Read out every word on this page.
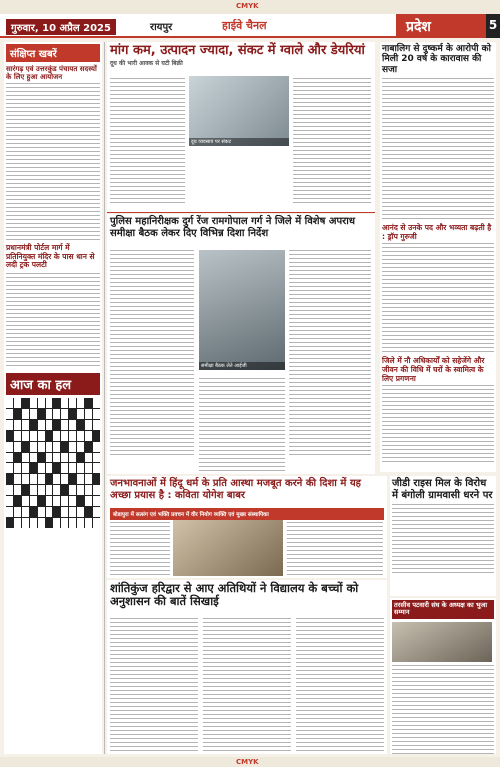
CMYK
गुरुवार, 10 अप्रैल 2025	रायपुर	हाईवे चैनल	प्रदेश	5
संक्षिप्त खबरें
सारंगढ़ एवं उत्तरकुंड पंचायत सदस्यों के लिए हुआ आयोजन
प्रधानमंत्री पोर्टल मार्ग में प्रतिनियुक्त मंदिर के पास धान से लदी ट्रक पलटी
आज का हल
मांग कम, उत्पादन ज्यादा, संकट में ग्वाले और डेयरियां
दूध की भारी आवक से घटी बिक्री
दूध व्यवसाय पर संकट
पुलिस महानिरीक्षक दुर्ग रेंज रामगोपाल गर्ग ने जिले में विशेष अपराध समीक्षा बैठक लेकर दिए विभिन्न दिशा निर्देश
समीक्षा बैठक लेते आईजी
नाबालिग से दुष्कर्म के आरोपी को मिली 20 वर्ष के कारावास की सजा
आनंद से उनके पद और भव्यता बढ़ती है : ड्रॉप गुरुजी
जिले में नौ अधिकार्यों को सहेजेंगे और जीवन की विधि में घरों के स्वामित्व के लिए प्रगणना
जनभावनाओं में हिंदू धर्म के प्रति आस्था मजबूत करने की दिशा में यह अच्छा प्रयास है : कविता योगेश बाबर
बोडापुरा में सत्संग एवं भक्ति प्रवचन में वीर नियोग व्यक्ति एवं मुख्य संस्थापिका
जीडी राइस मिल के विरोध में बंगोली ग्रामवासी धरने पर
शांतिकुंज हरिद्वार से आए अतिथियों ने विद्यालय के बच्चों को अनुशासन की बातें सिखाई	तरसीव पटवारी संघ के अध्यक्ष का भुजा सम्मान
CMYK
